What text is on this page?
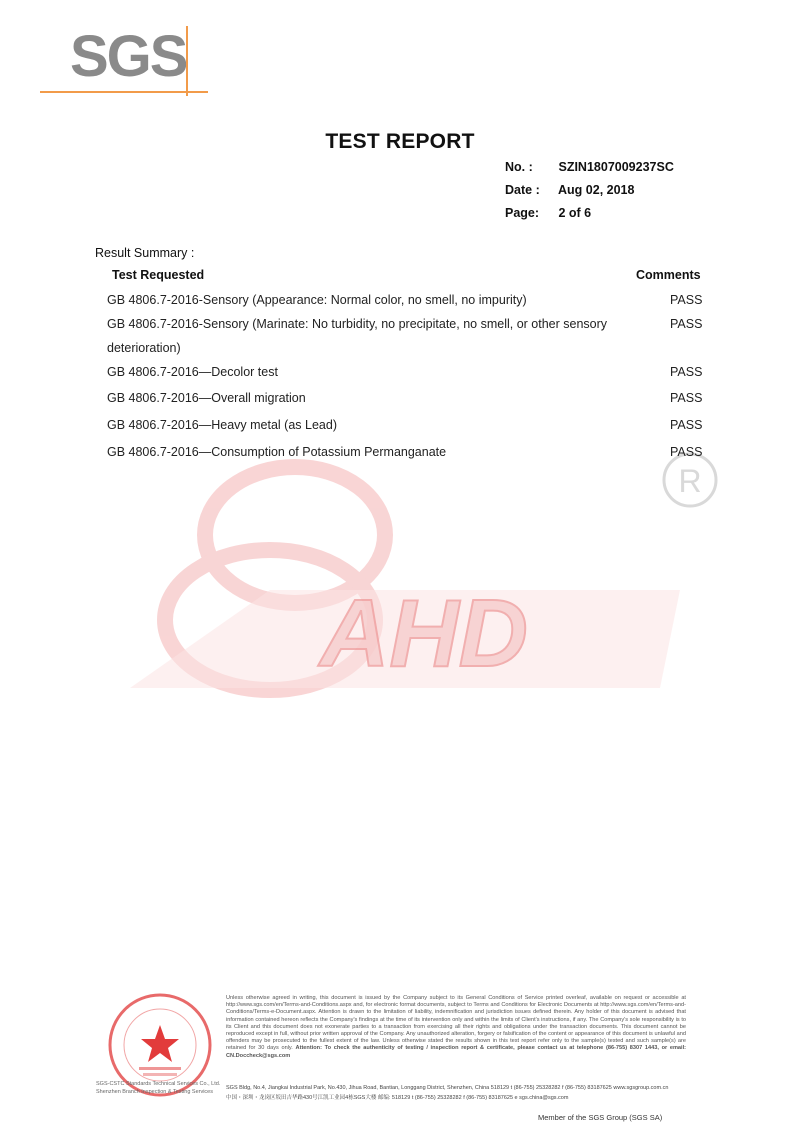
SGS
TEST REPORT
No. : SZIN1807009237SC
Date : Aug 02, 2018
Page: 2 of 6
AHD
R
Result Summary :
Test Requested	Comments
GB 4806.7-2016-Sensory (Appearance: Normal color, no smell, no impurity)	PASS
GB 4806.7-2016-Sensory (Marinate: No turbidity, no precipitate, no smell, or other sensory deterioration)
PASS
GB 4806.7-2016—Decolor test	PASS
GB 4806.7-2016—Overall migration	PASS
GB 4806.7-2016—Heavy metal (as Lead)	PASS
GB 4806.7-2016—Consumption of Potassium Permanganate	PASS
SGS-CSTC Standards Technical Services Co., Ltd.
Shenzhen Branch Inspection & Testing Services
Unless otherwise agreed in writing, this document is issued by the Company subject to its General Conditions of Service printed overleaf, available on request or accessible at http://www.sgs.com/en/Terms-and-Conditions.aspx and, for electronic format documents, subject to Terms and Conditions for Electronic Documents at http://www.sgs.com/en/Terms-and-Conditions/Terms-e-Document.aspx. Attention is drawn to the limitation of liability, indemnification and jurisdiction issues defined therein. Any holder of this document is advised that information contained hereon reflects the Company's findings at the time of its intervention only and within the limits of Client's instructions, if any. The Company's sole responsibility is to its Client and this document does not exonerate parties to a transaction from exercising all their rights and obligations under the transaction documents. This document cannot be reproduced except in full, without prior written approval of the Company. Any unauthorized alteration, forgery or falsification of the content or appearance of this document is unlawful and offenders may be prosecuted to the fullest extent of the law. Unless otherwise stated the results shown in this test report refer only to the sample(s) tested and such sample(s) are retained for 30 days only. Attention: To check the authenticity of testing / inspection report & certificate, please contact us at telephone (86-755) 8307 1443, or email: CN.Doccheck@sgs.com
SGS Bldg, No.4, Jiangkai Industrial Park, No.430, Jihua Road, Bantian, Longgang District, Shenzhen, China 518129 t (86-755) 25328282 f (86-755) 83187625 www.sgsgroup.com.cn
中国・深圳・龙岗区坂田吉华路430号江凯工业园4栋SGS大楼 邮编: 518129 t (86-755) 25328282 f (86-755) 83187625 e sgs.china@sgs.com
Member of the SGS Group (SGS SA)
